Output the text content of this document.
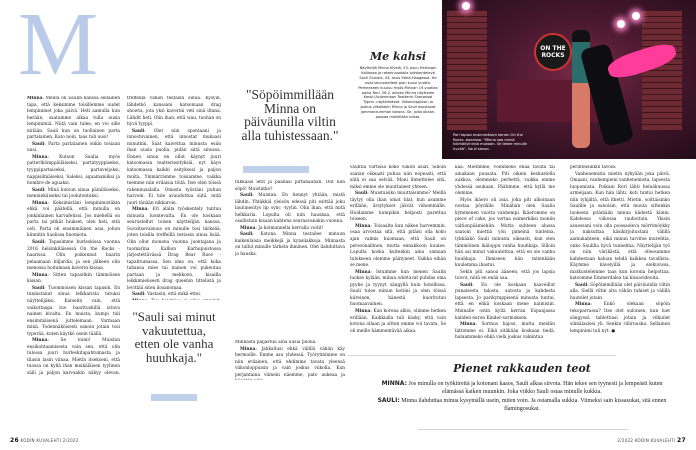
M

Minna: Meillä on Saulin kanssa sellainen tapa, että keksimme toisillemme uudet lempinimet joka päivä. Heti aamulla kun herään, saatamme alkaa tulla uusia lempinimiä. Niitä vain tulee, en voi sille mitään. Sauli kun on tuollainen parta partalainen. Kato noin, taas tuli uusi!

Sauli: Parta partalainen onkin tosiaan uusi.

Minna: Kutsun Saulia myös patterihömppäiläiseksi, partatyyppiseksi, tyyppipartaiseksi, partaveijoksi, nappisilmäiseksi, Saleksi, aquamaniiksi ja hombre de aguaksi.

Sauli: Minä kutsun sinua päinilöiseksi, menninkäiseksi tai joulutontuksi.

Minna: Keksimistäni lempinimistäkin ehkä voi päätellä, että minulla on jonkinlainen karvafetissi. Jos miehellä on parta tai pitkät hiukset, olen heti, että ooh. Parta oli ensimmäinen asia, johon kiinnitin Saulissa huomiota.

Sauli: Tapasimme burleskissa vuonna 2016 helsinkiläisessä On the Rocks -baarissa. Olin poikennut baarin pelaamaan biljardia, ja sen jälkeen olin menossa hoitamaan kaverin kissaa.

Minna: Sitten tapasitkin tämmöisen kissan.

Sauli: Tuommoisen kissan tapasin. En tunnistanut sinua telkkarista tutuksi näyttelijäksi. Katselin vain, että vaikuttaapa tuo baarituskillä istuva nainen kivalta. En muista, kumpi tuli ensimmäisenä juttelemaan. Varmaan minä. Todennäköisesti sanoin jotain tosi typerää, kuten käytkö usein täällä.

Minna: Se toimi! Muistan ensikohtaamisesta vain sen, että olin tulossa juuri burleskitapahtumasta ja tilasin lasin viinaa. Mietin itsekseni, että tuossa on kyllä ihan meikäläisen tyylinen säili ja paljon karvaakin näkyy olevan,

treffeillä vähän testasin sinua. Kysyin, lähdetkö kanssani katsomaan drag showta, jota yksi kaverini veti sinä iltana. Lähdit heti. Olin ihan, että wau, tuohan on hyvä tyyppi.

Sauli: Olet niin spontaani ja innostuvainen, että innostat mukaasi minutkin. Saat kaivettua minusta esiin ihan uusia puolia, pidän siitä sinussa. Ennen sinua en ollut käynyt juuri katsomassa teatteriesityksiä, nyt käyn katsomassa kaikki esityksesi ja paljon muita. Ymmärrämme toisiamme, vaikka teemme niin erilaisia töitä. Itse olen töissä rakennusalalla. Omasta työstäni puhun harvoin. Ei tule avauduttua siitä, mitä juuri tänään nikkaroin.

Minna: Eri alalla työskentely tuntuu minusta luontevalta. En ole koskaan seurustellut toisen näyttelijän kanssa. Suvaitsevaisuus on minulle tosi tärkeää, joten toisilla treffeillä testasin sinua lisää. Olin ollut monena vuonna juontajana ja tuomarina Kallion Karhupuistossa järjestettävässä Drag Bear Race -tapahtumassa. Sen idea on, että kuka tahansa mies tai nainen voi pukeutua partaan ja mekkoon, kisailla leikkimielisesti drag queenin tittelistä ja levittää siten ilosanomaa.

Sauli: Vastasin, että mikä ettei.

"Sauli sai minut vakuutettua, etten ole vanha huuhkaja."
"Söpöimmillään Minna on päiväunilla viltin alla tuhistessaan."

tukkaasi letit ja päähäsi pirtanauhan. Olit niin söpö! Muistatko?

Sauli: Muistan. En tiennyt yhtään, mistä lähdin. Yhtäkkiä yleisön edessä piti esittää joku laulunesitys lip sync -tyylin. Olin ihan, että mitä helkkaria. Lopulta oli niin hauskaa, että osallistuin kisaan kahtena seuraavanakin vuonna.

Minna: Ja kolmannella kerralla voitit!

Sauli: Kotona Minna testailee minuun kaikenlaisia meikkejä ja kynsilakkoja. Minnasta on tullut minulle tärkein ihminen. Olet ilahduttava ja hauska.

Minnasta paljastuu aina uusia puolia.

Minna: Jahkailusi ehkä välillä vähän käy hermoille. Emme asu yhdessä. Työrytmimme on niin erilainen, että ehdimme tavata yleensä viikonloppuisin ja vain joskus viikolla. Kun perjantaina viimein näemme, pato aukeaa ja

26 KODIN KUVALEHTI 2/2022
Me kahsi
Näyttelijä Minna Kivelä, 53, asuu Helsingin Kalliossa ja rakennusalalla työskentelevä Sauli Siunala, 43, asuu Etelä-Haagassa. He ovat seurustelleet pian kuusi vuotta. Perheeseen kuuluu myös Minnan 19-vuotias poika Rori. 26.2. alkaen Minna näyttelee Keski-Uudenmaan Teatterin Sherwood Tigers -näytelmässä. Viikonloppuisin ja joskus viikollakin Minna ja Sauli asustavat jommankumman kotona. Se, joilla ollaan, passaa mielellään toista.
ON THE ROCKS
Pari tapasi ensimmäisen kerran On the Rocks -baarissa. "Minna saa minut hölmöilyihinsä mukaan. Se tekee minulle hyvää", Sauli sanoo.

vauhtia vartissa koko viikon asiat. Silloin saatan oikeasti puhua niin nopeasti, että siitä ei saa selvää. Moni ihmettelee sitä, miksi emme ole muuttaneet yhteen.

Sauli: Muistuisiko muuttaisimme? Meillä täytyy olla ihan omat tilat, kun asumme erillään, ärsytykset jäävät vähemmälle. Hoidamme kumpikin helposti parettua toiseen.

Minna: Toisaalta kun näkee harvemmin, osaa arvostaa sitä, että pitäisi olla koko ajan valmis huomaan, että Sauli on persoonallinen, mutta ennakkoon kuulee. Lopulta koska kuitenkin aina samaan tulokseen olemme päätyneet. Vaikka eihän se mene.

Minna: Istuimme kun menen Saulin luokse kylään, minua odottavat puhdas oma pyyhe ja tyynyt sängyllä kuin hotellissa. Sauli tulee minun kotiini ja olen töissä kiireinen, hänestä kuoritutuu huomaavainen.

Minna: Kun korona alkoi, olimme hetken erillään. Kaikkialla tuli käsky, että vain kotona ollaan ja sitten emme voi tavata. Se oli meille hämmentävää aikaa.

kaa. Mietimme, voimmeko enää tavata tai ainakaan puusata. Piti oikein keskustella aukkoa, olemmeko perhettä, vaikka emme yhdessä asukaan. Päätimme, että kyllä me olemme.

Myös ikäero oli asia, joka piti alkoinaan nostaa pöydälle. Minähän olen Saulia kymmenen vuotta vanhempi. Ikäeromme on piece of cake, jos vertaa esimerkiksi moniin valtionpäämiehiin. Mutta suhteen alussa saatoin miettiä yön pimeinä tunteina, tykkääkö Sauli minusta oikeasti, kun olen tämmöinen ikäloppu vanha huuhkaja. Silloin hän sai minut vakuutettua, että en ole vanha huuhkaja. Ihmiseen hän mitenkään kuulemma ihastui.

Sekin piti sanoa ääneen, että jos lapsia toivot, niitä en enää saa.

Sauli: En ole koskaan haaveillut punaisesta talosta, autosta ja kahdesta lapsesta. Jo parikymppisenä minusta tuntui, että en ehkä koskaan mene naimisiin. Minnalle ostin kyllä kerran Espanjassa kahden euron Kinder-sormuksen.

Minna: Sormus hajosi, mutta meidän liittomme ei. Eikä sitäkään koskaan tiedä, haluammeko ehkä vielä joskus vakiintua

perinteisinkin tavoin.

Vanhenemista mietin nykyään joka päivä. Omaani, vanhempieni vanhenemista, lapsesta luopumista. Poikani Rori lähti heinäkuussa armeijaan. Kun hän lähti, koti tuntui hetken niin tyhjältä, että itketti. Mietin, soittaisinko Saulille ja sanoisin, että muuta sittenkin luokseni pitämään minua kädestä kiinni. Kahdessa viikossa rauhoituin. Ykisin asuessani voin olla poissaoleva mörrimöykky ja naksuttaa käsikirjoitustani välillä aamukahteen, eikä minun tarvitse murehtia, onko Saulilla hyvä tunnelma. Näyttelijän työ on niin värikästä, että ollessamme kahdestaan haluan tehdä kaikkea tavallista. Käymme kävelyillä ja elokuvissa, matkustelemme taas kun korona helpottaa, katsomme Emmerdalea tai kissavideoita.

Sauli: Söpöimmillään olet päiväunilla viltin alla. Siellä viltin alta vähän tuhiset ja välillä huutelet jotain.

Minna: Enkö olekaan söpöin tekoparrassa? Itse olet suloinen, kun luet sängyssä tablettiasi jotain ja vilkuilet silmälasiesi yli. Senkin riiliruusku. Sellainen lempinimi tuli nyt. ●

Pienet rakkauden teot
MINNA: Jos minulla on työkiireitä ja kotonani kaaos, Sauli alkaa siivota. Hän tekee sen tyynesti ja lempeästi kuten elämässä kaiken muunkin. Joka viikko Sauli ostaa minulle kukkia.
SAULI: Minna ilahduttaa minua kysymällä usein, miten voin. Ja ostamalla sukkia. Viimeksi sain kissasukat, sitä ennen flamingosukat.
2/2022 KODIN KUVALEHTI 27
